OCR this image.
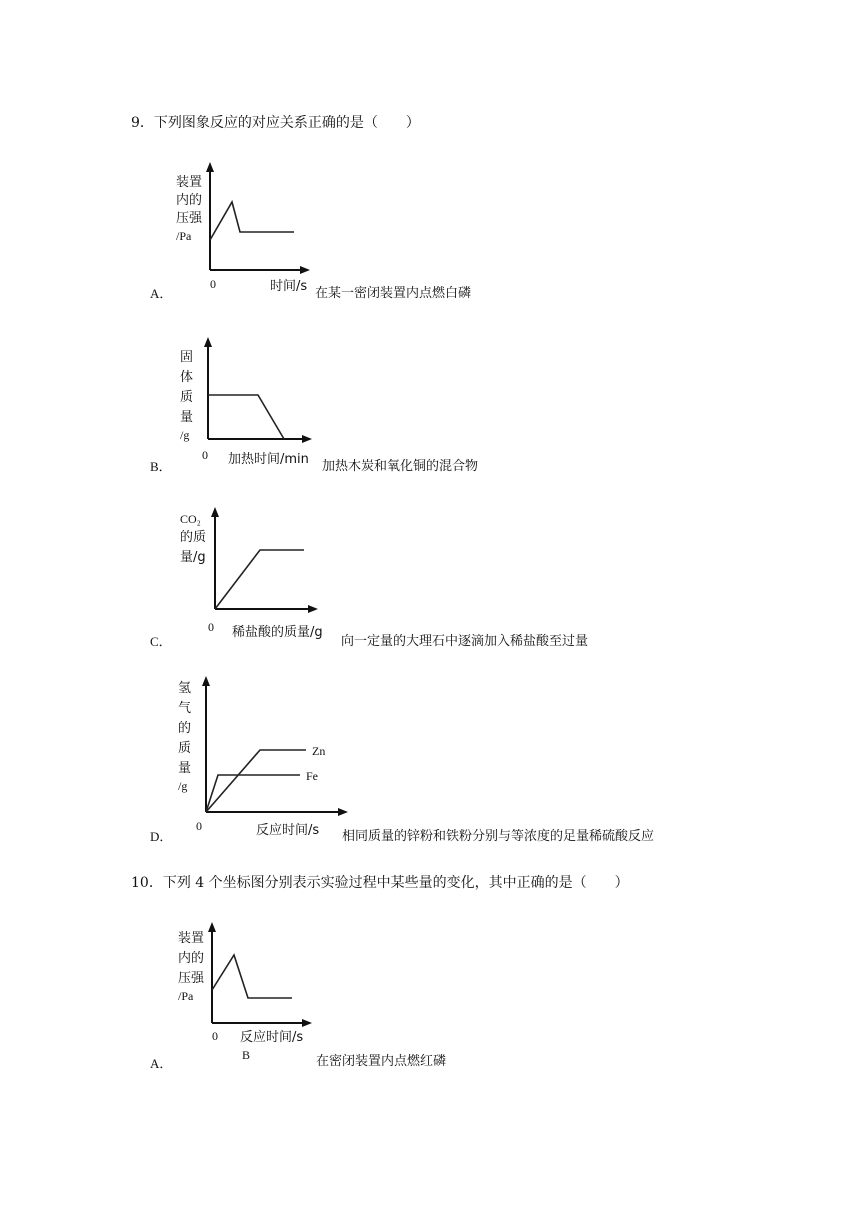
9．下列图象反应的对应关系正确的是（　　）
装置
内的
压强
/Pa
0	时间/s
A．	在某一密闭装置内点燃白磷
固
体
质
量
/g
0 加热时间/min
B．	加热木炭和氧化铜的混合物
CO₂
的质
量/g
0 稀盐酸的质量/g
C．	向一定量的大理石中逐滴加入稀盐酸至过量
Zn
Fe
氢
气
的
质
量
/g
0	反应时间/s
D．	相同质量的锌粉和铁粉分别与等浓度的足量稀硫酸反应
10．下列 4 个坐标图分别表示实验过程中某些量的变化，其中正确的是（　　）
装置
内的
压强
/Pa
0 反应时间/s
B
A．	在密闭装置内点燃红磷
